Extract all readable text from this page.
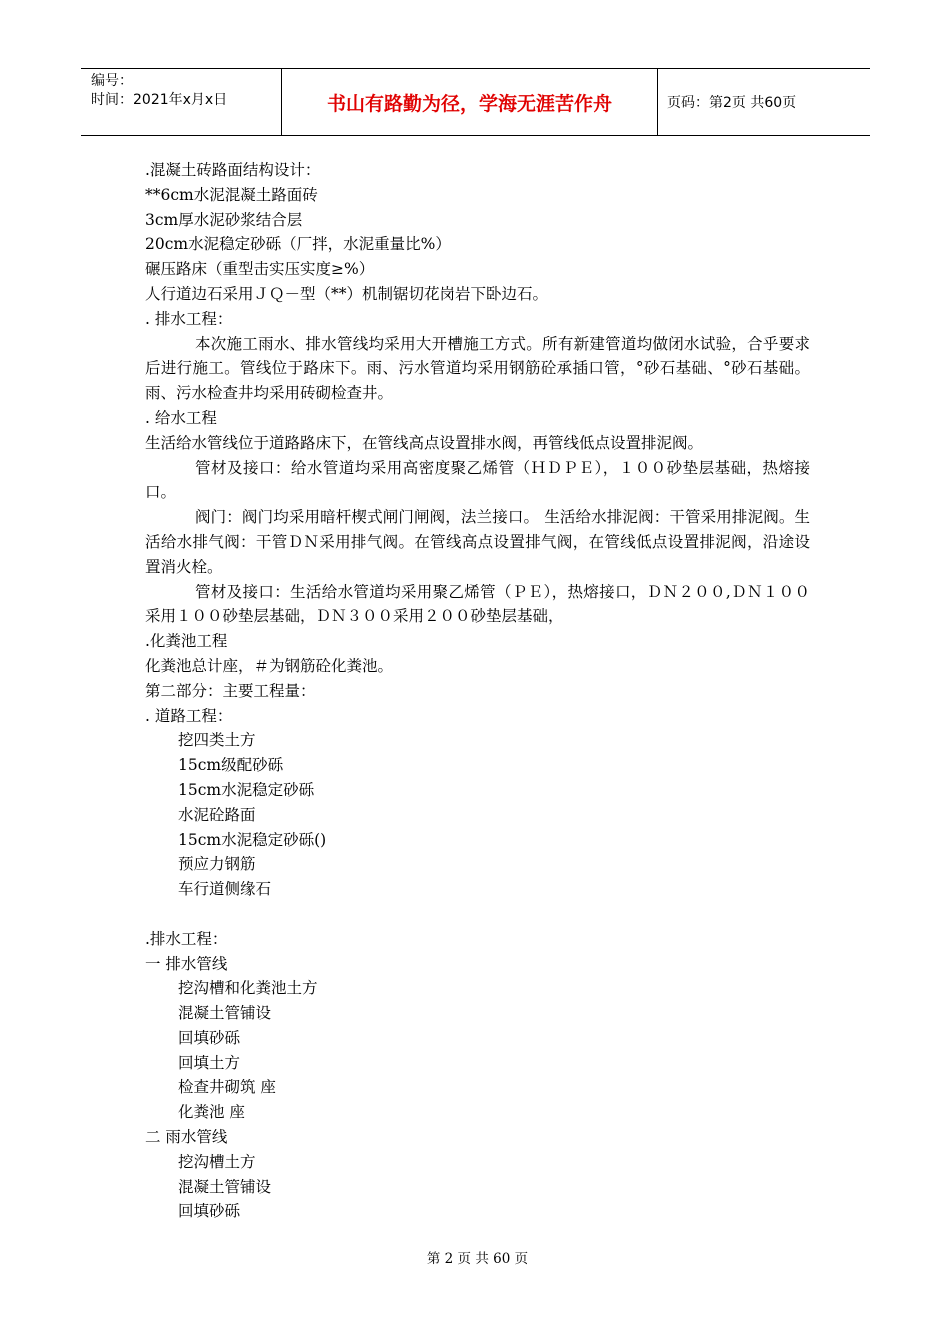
编号：
时间：2021年x月x日	书山有路勤为径，学海无涯苦作舟	页码：第2页 共60页

.混凝土砖路面结构设计：

**6cm水泥混凝土路面砖

3cm厚水泥砂浆结合层

20cm水泥稳定砂砾（厂拌，水泥重量比%）

碾压路床（重型击实压实度≥%）

人行道边石采用ＪＱ－型（**）机制锯切花岗岩下卧边石。

. 排水工程：

本次施工雨水、排水管线均采用大开槽施工方式。所有新建管道均做闭水试验，合乎要求后进行施工。管线位于路床下。雨、污水管道均采用钢筋砼承插口管，°砂石基础、°砂石基础。雨、污水检查井均采用砖砌检查井。

. 给水工程

生活给水管线位于道路路床下，在管线高点设置排水阀，再管线低点设置排泥阀。

管材及接口：给水管道均采用高密度聚乙烯管（ＨＤＰＥ），１００砂垫层基础，热熔接口。

阀门：阀门均采用暗杆楔式闸门闸阀，法兰接口。 生活给水排泥阀：干管采用排泥阀。生活给水排气阀：干管ＤＮ采用排气阀。在管线高点设置排气阀，在管线低点设置排泥阀，沿途设置消火栓。

管材及接口：生活给水管道均采用聚乙烯管（ＰＥ），热熔接口，ＤＮ２００,ＤＮ１００采用１００砂垫层基础，ＤＮ３００采用２００砂垫层基础，

.化粪池工程

化粪池总计座，＃为钢筋砼化粪池。

第二部分：主要工程量：

. 道路工程：

挖四类土方

15cm级配砂砾

15cm水泥稳定砂砾

水泥砼路面

15cm水泥稳定砂砾()

预应力钢筋

车行道侧缘石

.排水工程：

一 排水管线

挖沟槽和化粪池土方

混凝土管铺设

回填砂砾

回填土方

检查井砌筑 座

化粪池 座

二 雨水管线

挖沟槽土方

混凝土管铺设

回填砂砾

第 2 页 共 60 页
